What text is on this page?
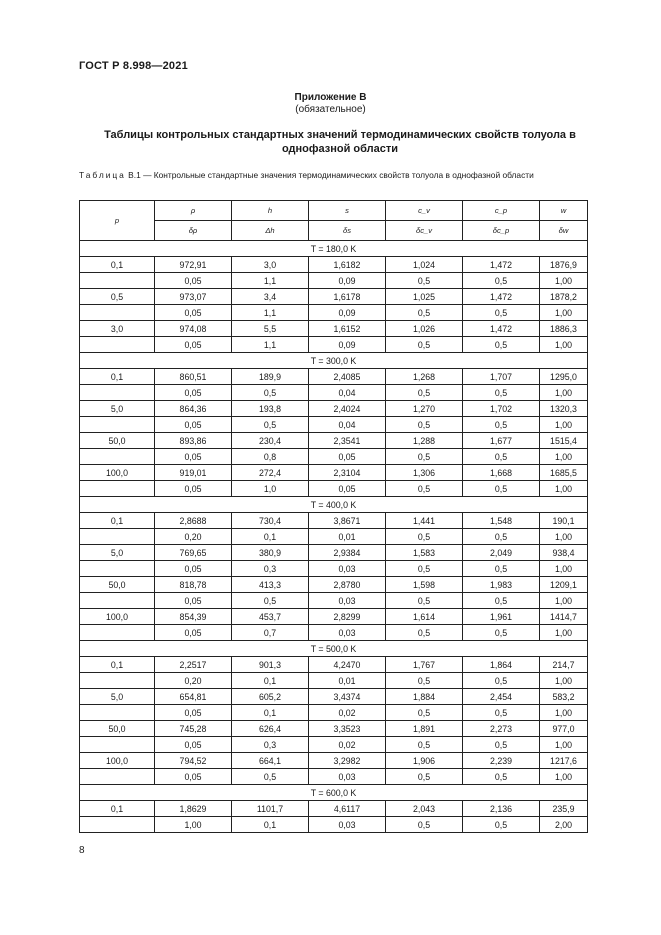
ГОСТ Р 8.998—2021
Приложение В
(обязательное)
Таблицы контрольных стандартных значений термодинамических свойств толуола в однофазной области
Таблица В.1 — Контрольные стандартные значения термодинамических свойств толуола в однофазной области
p	ρ	h	s	c_v	c_p	w
	δρ	Δh	δs	δc_v	δc_p	δw
T = 180,0 K						
0,1	972,91	3,0	1,6182	1,024	1,472	1876,9
	0,05	1,1	0,09	0,5	0,5	1,00
0,5	973,07	3,4	1,6178	1,025	1,472	1878,2
	0,05	1,1	0,09	0,5	0,5	1,00
3,0	974,08	5,5	1,6152	1,026	1,472	1886,3
	0,05	1,1	0,09	0,5	0,5	1,00
T = 300,0 K						
0,1	860,51	189,9	2,4085	1,268	1,707	1295,0
	0,05	0,5	0,04	0,5	0,5	1,00
5,0	864,36	193,8	2,4024	1,270	1,702	1320,3
	0,05	0,5	0,04	0,5	0,5	1,00
50,0	893,86	230,4	2,3541	1,288	1,677	1515,4
	0,05	0,8	0,05	0,5	0,5	1,00
100,0	919,01	272,4	2,3104	1,306	1,668	1685,5
	0,05	1,0	0,05	0,5	0,5	1,00
T = 400,0 K						
0,1	2,8688	730,4	3,8671	1,441	1,548	190,1
	0,20	0,1	0,01	0,5	0,5	1,00
5,0	769,65	380,9	2,9384	1,583	2,049	938,4
	0,05	0,3	0,03	0,5	0,5	1,00
50,0	818,78	413,3	2,8780	1,598	1,983	1209,1
	0,05	0,5	0,03	0,5	0,5	1,00
100,0	854,39	453,7	2,8299	1,614	1,961	1414,7
	0,05	0,7	0,03	0,5	0,5	1,00
T = 500,0 K						
0,1	2,2517	901,3	4,2470	1,767	1,864	214,7
	0,20	0,1	0,01	0,5	0,5	1,00
5,0	654,81	605,2	3,4374	1,884	2,454	583,2
	0,05	0,1	0,02	0,5	0,5	1,00
50,0	745,28	626,4	3,3523	1,891	2,273	977,0
	0,05	0,3	0,02	0,5	0,5	1,00
100,0	794,52	664,1	3,2982	1,906	2,239	1217,6
	0,05	0,5	0,03	0,5	0,5	1,00
T = 600,0 K						
0,1	1,8629	1101,7	4,6117	2,043	2,136	235,9
	1,00	0,1	0,03	0,5	0,5	2,00
8
